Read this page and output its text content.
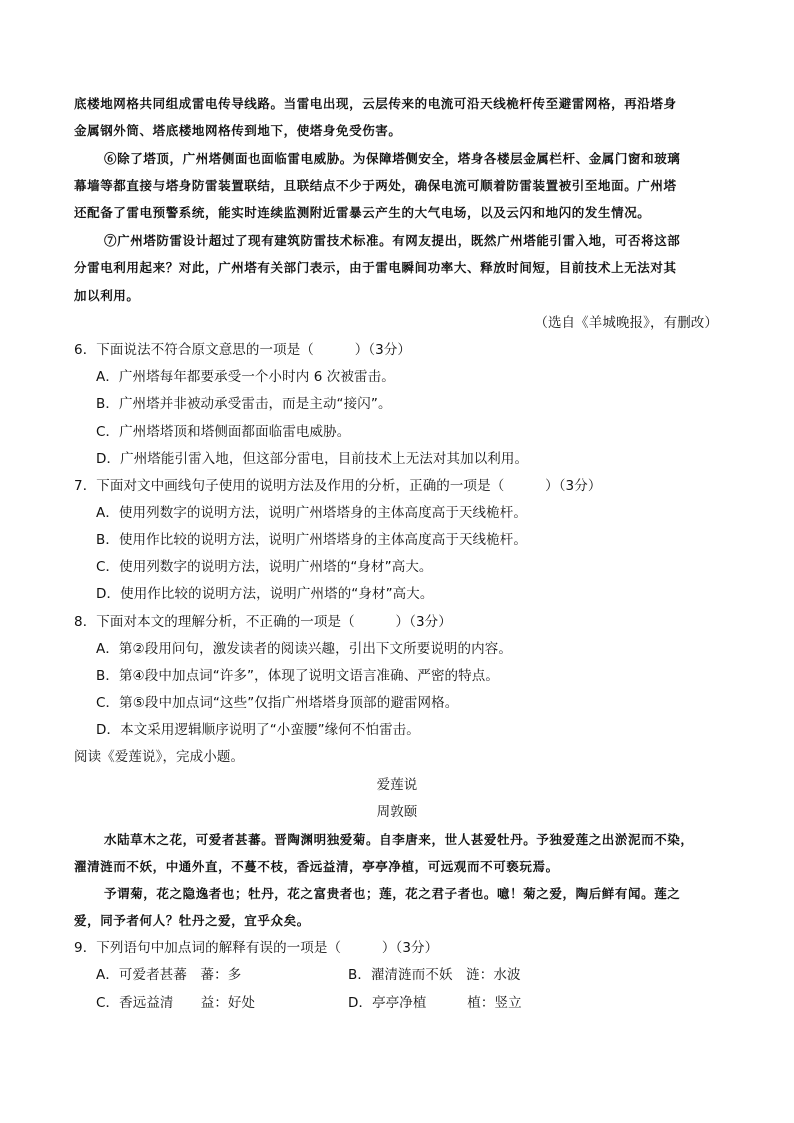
底楼地网格共同组成雷电传导线路。当雷电出现，云层传来的电流可沿天线桅杆传至避雷网格，再沿塔身
金属钢外筒、塔底楼地网格传到地下，使塔身免受伤害。
⑥除了塔顶，广州塔侧面也面临雷电威胁。为保障塔侧安全，塔身各楼层金属栏杆、金属门窗和玻璃
幕墙等都直接与塔身防雷装置联结，且联结点不少于两处，确保电流可顺着防雷装置被引至地面。广州塔
还配备了雷电预警系统，能实时连续监测附近雷暴云产生的大气电场，以及云闪和地闪的发生情况。
⑦广州塔防雷设计超过了现有建筑防雷技术标准。有网友提出，既然广州塔能引雷入地，可否将这部
分雷电利用起来？对此，广州塔有关部门表示，由于雷电瞬间功率大、释放时间短，目前技术上无法对其
加以利用。
（选自《羊城晚报》，有删改）
6．下面说法不符合原文意思的一项是（　　　）（3分）
A．广州塔每年都要承受一个小时内 6 次被雷击。
B．广州塔并非被动承受雷击，而是主动“接闪”。
C．广州塔塔顶和塔侧面都面临雷电威胁。
D．广州塔能引雷入地，但这部分雷电，目前技术上无法对其加以利用。
7．下面对文中画线句子使用的说明方法及作用的分析，正确的一项是（　　　）（3分）
A．使用列数字的说明方法，说明广州塔塔身的主体高度高于天线桅杆。
B．使用作比较的说明方法，说明广州塔塔身的主体高度高于天线桅杆。
C．使用列数字的说明方法，说明广州塔的“身材”高大。
D．使用作比较的说明方法，说明广州塔的“身材”高大。
8．下面对本文的理解分析，不正确的一项是（　　　）（3分）
A．第②段用问句，激发读者的阅读兴趣，引出下文所要说明的内容。
B．第④段中加点词“许多”，体现了说明文语言准确、严密的特点。
C．第⑤段中加点词“这些”仅指广州塔塔身顶部的避雷网格。
D．本文采用逻辑顺序说明了“小蛮腰”缘何不怕雷击。
阅读《爱莲说》，完成小题。
爱莲说
周敦颐
水陆草木之花，可爱者甚蕃。晋陶渊明独爱菊。自李唐来，世人甚爱牡丹。予独爱莲之出淤泥而不染，
濯清涟而不妖，中通外直，不蔓不枝，香远益清，亭亭净植，可远观而不可亵玩焉。
予谓菊，花之隐逸者也；牡丹，花之富贵者也；莲，花之君子者也。噫！菊之爱，陶后鲜有闻。莲之
爱，同予者何人？牡丹之爱，宜乎众矣。
9．下列语句中加点词的解释有误的一项是（　　　）（3分）
A．可爱者甚蕃　蕃：多	B．濯清涟而不妖　涟：水波
C．香远益清　　益：好处	D．亭亭净植　　　植：竖立
